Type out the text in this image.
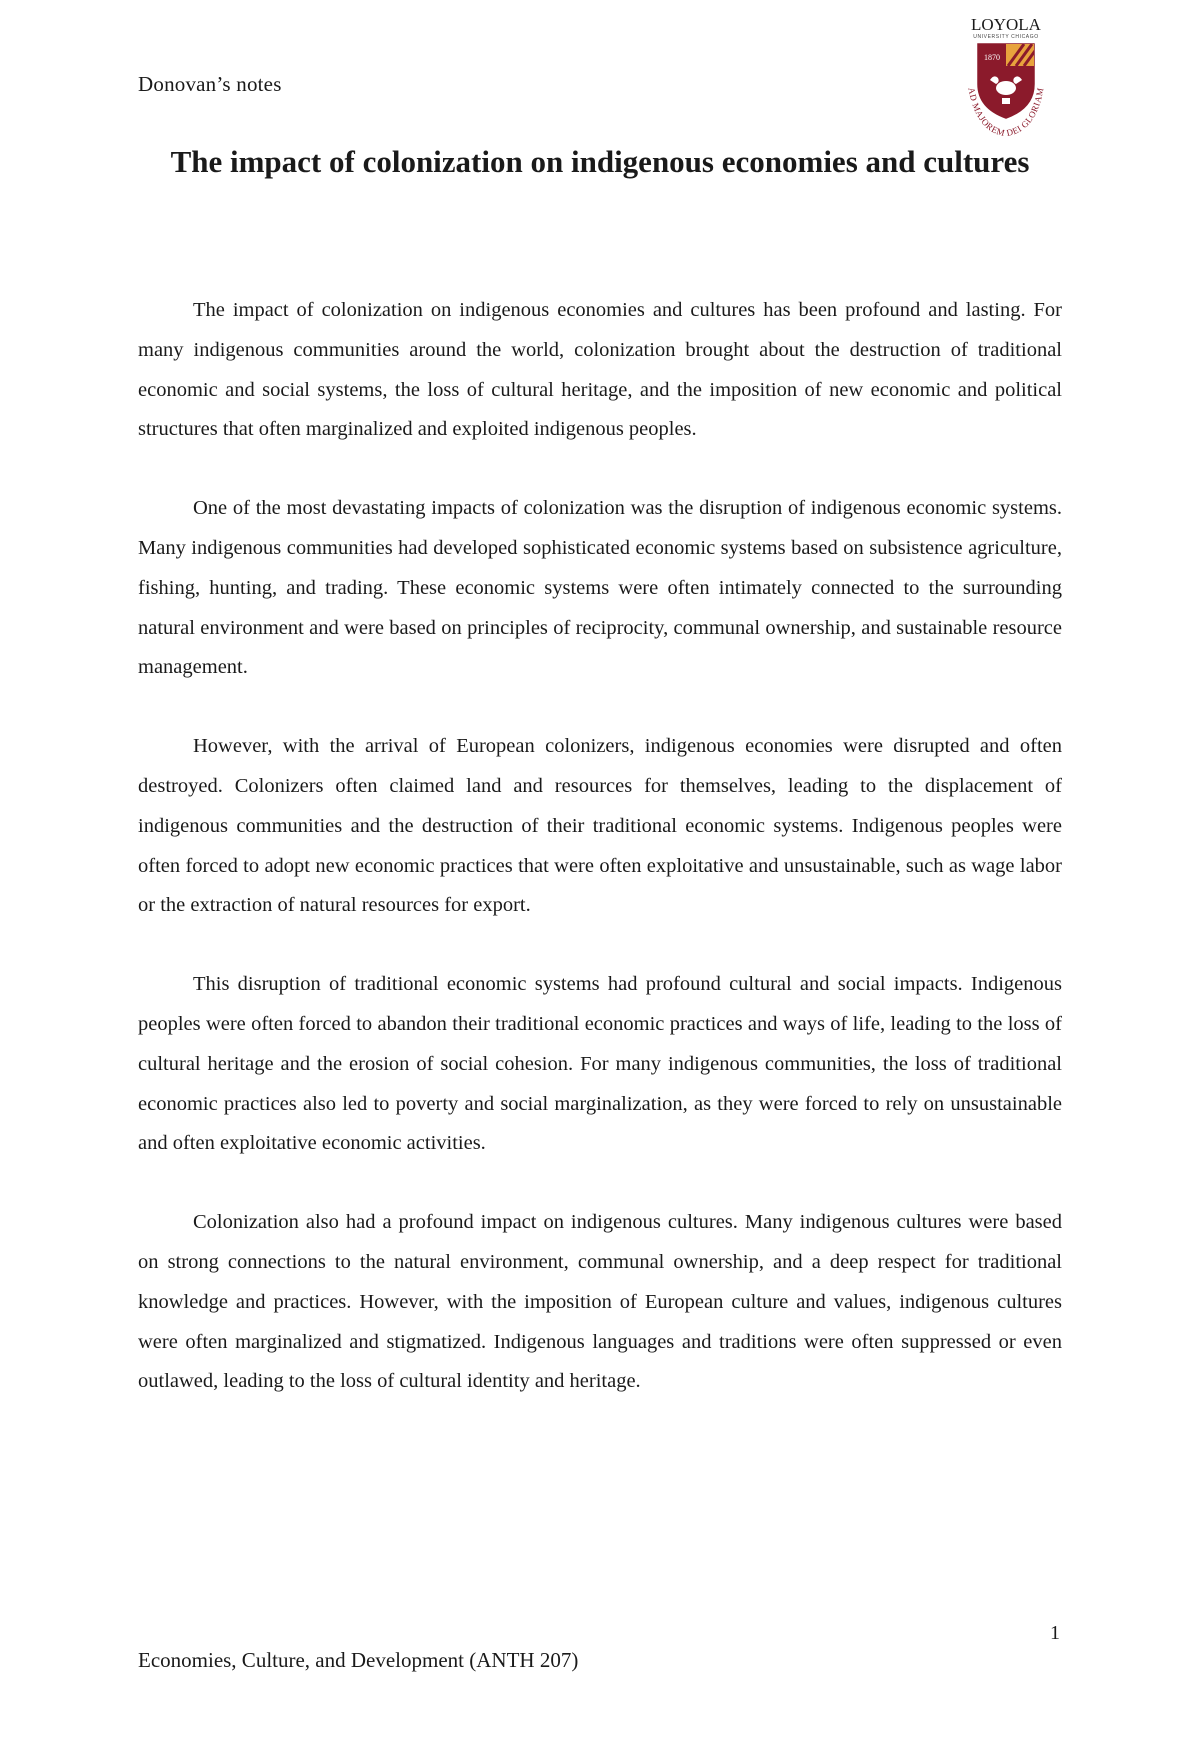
Donovan’s notes
LOYOLA
UNIVERSITY CHICAGO
1870
AD MAJOREM DEI GLORIAM
The impact of colonization on indigenous economies and cultures

The impact of colonization on indigenous economies and cultures has been profound and lasting. For many indigenous communities around the world, colonization brought about the destruction of traditional economic and social systems, the loss of cultural heritage, and the imposition of new economic and political structures that often marginalized and exploited indigenous peoples.

One of the most devastating impacts of colonization was the disruption of indigenous economic systems. Many indigenous communities had developed sophisticated economic systems based on subsistence agriculture, fishing, hunting, and trading. These economic systems were often intimately connected to the surrounding natural environment and were based on principles of reciprocity, communal ownership, and sustainable resource management.

However, with the arrival of European colonizers, indigenous economies were disrupted and often destroyed. Colonizers often claimed land and resources for themselves, leading to the displacement of indigenous communities and the destruction of their traditional economic systems. Indigenous peoples were often forced to adopt new economic practices that were often exploitative and unsustainable, such as wage labor or the extraction of natural resources for export.

This disruption of traditional economic systems had profound cultural and social impacts. Indigenous peoples were often forced to abandon their traditional economic practices and ways of life, leading to the loss of cultural heritage and the erosion of social cohesion. For many indigenous communities, the loss of traditional economic practices also led to poverty and social marginalization, as they were forced to rely on unsustainable and often exploitative economic activities.

Colonization also had a profound impact on indigenous cultures. Many indigenous cultures were based on strong connections to the natural environment, communal ownership, and a deep respect for traditional knowledge and practices. However, with the imposition of European culture and values, indigenous cultures were often marginalized and stigmatized. Indigenous languages and traditions were often suppressed or even outlawed, leading to the loss of cultural identity and heritage.

1
Economies, Culture, and Development (ANTH 207)
